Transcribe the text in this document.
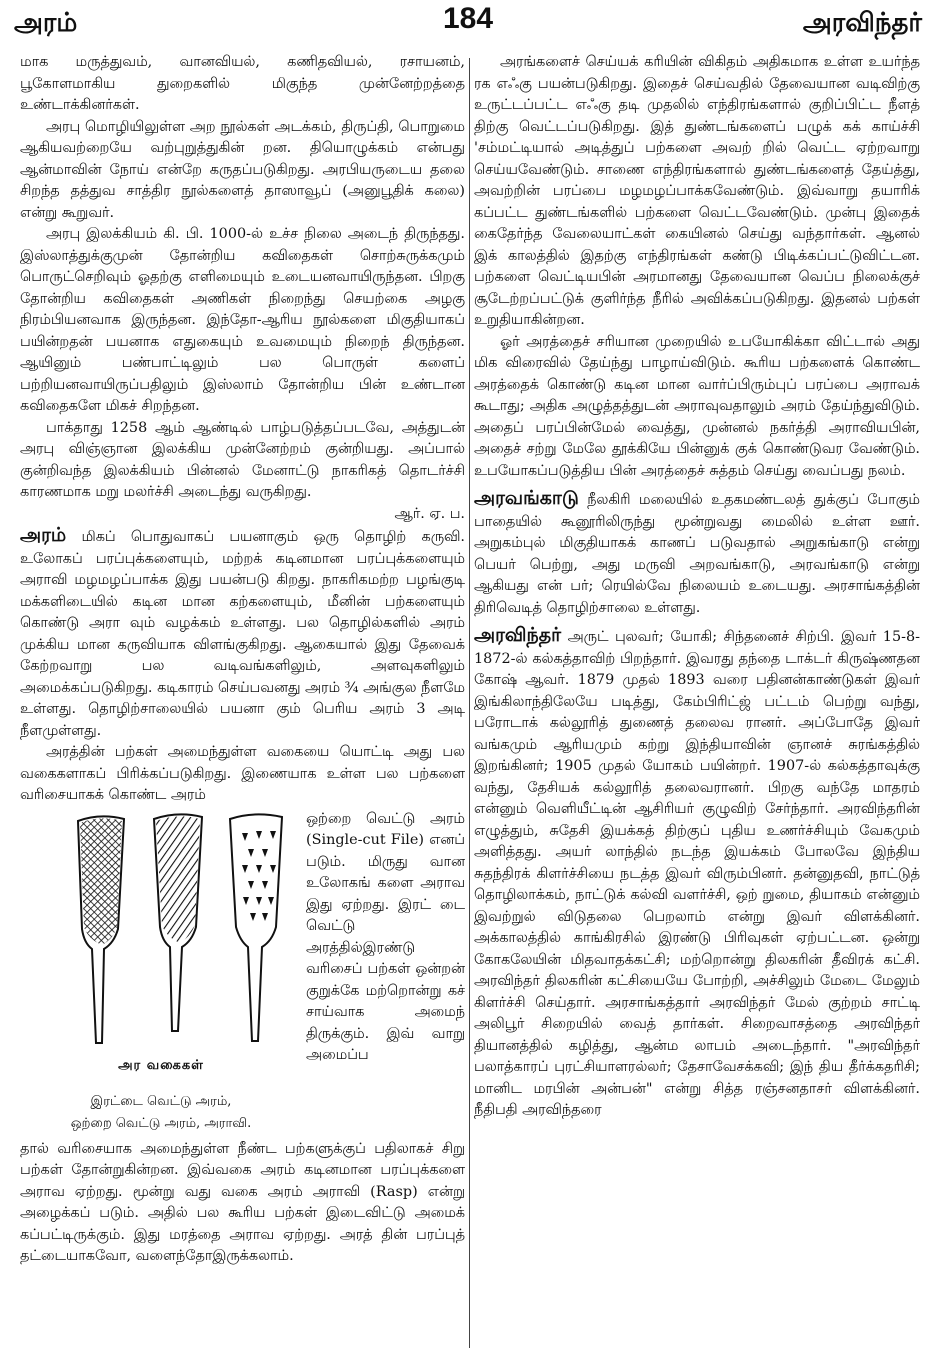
அரம்	184	அரவிந்தர்

மாக மருத்துவம், வானவியல், கணிதவியல், ரசாயனம், பூகோளமாகிய துறைகளில் மிகுந்த முன்னேற்றத்தை உண்டாக்கினர்கள்.

அரபு மொழியிலுள்ள அற நூல்கள் அடக்கம், திருப்தி, பொறுமை ஆகியவற்றையே வற்புறுத்துகின் றன. தியொழுக்கம் என்பது ஆன்மாவின் நோய் என்றே கருதப்படுகிறது. அரபியருடைய தலை சிறந்த தத்துவ சாத்திர நூல்களைத் தாஸாவூப் (அனுபூதிக் கலை) என்று கூறுவர்.

அரபு இலக்கியம் கி. பி. 1000-ல் உச்ச நிலை அடைந் திருந்தது. இஸ்லாத்துக்குமுன் தோன்றிய கவிதைகள் சொற்சுருக்கமும் பொருட்செறிவும் ஓதற்கு எளிமையும் உடையனவாயிருந்தன. பிறகு தோன்றிய கவிதைகள் அணிகள் நிறைந்து செயற்கை அழகு நிரம்பியனவாக இருந்தன. இந்தோ-ஆரிய நூல்களை மிகுதியாகப் பயின்றதன் பயனாக எதுகையும் உவமையும் நிறைந் திருந்தன. ஆயினும் பண்பாட்டிலும் பல பொருள் களைப் பற்றியனவாயிருப்பதிலும் இஸ்லாம் தோன்றிய பின் உண்டான கவிதைகளே மிகச் சிறந்தன.

பாக்தாது 1258 ஆம் ஆண்டில் பாழ்படுத்தப்படவே, அத்துடன் அரபு விஞ்ஞான இலக்கிய முன்னேற்றம் குன்றியது. அப்பால் குன்றிவந்த இலக்கியம் பின்னல் மேனாட்டு நாகரிகத் தொடர்ச்சி காரணமாக மறு மலர்ச்சி அடைந்து வருகிறது.

ஆர். ஏ. ப.

அரம் மிகப் பொதுவாகப் பயனாகும் ஒரு தொழிற் கருவி. உலோகப் பரப்புக்களையும், மற்றக் கடினமான பரப்புக்களையும் அராவி மழமழப்பாக்க இது பயன்படு கிறது. நாகரிகமற்ற பழங்குடி மக்களிடையில் கடின மான கற்களையும், மீனின் பற்களையும் கொண்டு அரா வும் வழக்கம் உள்ளது. பல தொழில்களில் அரம் முக்கிய மான கருவியாக விளங்குகிறது. ஆகையால் இது தேவைக் கேற்றவாறு பல வடிவங்களிலும், அளவுகளிலும் அமைக்கப்படுகிறது. கடிகாரம் செய்பவனது அரம் ¾ அங்குல நீளமே உள்ளது. தொழிற்சாலையில் பயனா கும் பெரிய அரம் 3 அடி நீளமுள்ளது.

அரத்தின் பற்கள் அமைந்துள்ள வகையை யொட்டி அது பல வகைகளாகப் பிரிக்கப்படுகிறது. இணையாக உள்ள பல பற்களை வரிசையாகக் கொண்ட அரம்

அர வகைகள்
இரட்டை வெட்டு அரம்,
ஒற்றை வெட்டு அரம், அராவி.
ஒற்றை வெட்டு அரம் (Single-cut File) எனப் படும். மிருது வான உலோகங் களை அராவ இது ஏற்றது. இரட் டை வெட்டு அரத்தில்இரண்டு வரிசைப் பற்கள் ஒன்றன் குறுக்கே மற்றொன்று கச் சாய்வாக அமைந் திருக்கும். இவ் வாறு அமைப்ப

தால் வரிசையாக அமைந்துள்ள நீண்ட பற்களுக்குப் பதிலாகச் சிறு பற்கள் தோன்றுகின்றன. இவ்வகை அரம் கடினமான பரப்புக்களை அராவ ஏற்றது. மூன்று வது வகை அரம் அராவி (Rasp) என்று அழைக்கப் படும். அதில் பல கூரிய பற்கள் இடைவிட்டு அமைக் கப்பட்டிருக்கும். இது மரத்தை அராவ ஏற்றது. அரத் தின் பரப்புத் தட்டையாகவோ, வளைந்தோஇருக்கலாம்.

அரங்களைச் செய்யக் கரியின் விகிதம் அதிகமாக உள்ள உயர்ந்த ரக எஃகு பயன்படுகிறது. இதைச் செய்வதில் தேவையான வடிவிற்கு உருட்டப்பட்ட எஃகு தடி முதலில் எந்திரங்களால் குறிப்பிட்ட நீளத் திற்கு வெட்டப்படுகிறது. இத் துண்டங்களைப் பழுக் கக் காய்ச்சி 'சம்மட்டியால் அடித்துப் பற்களை அவற் றில் வெட்ட ஏற்றவாறு செய்யவேண்டும். சாணை எந்திரங்களால் துண்டங்களைத் தேய்த்து, அவற்றின் பரப்பை மழமழப்பாக்கவேண்டும். இவ்வாறு தயாரிக் கப்பட்ட துண்டங்களில் பற்களை வெட்டவேண்டும். முன்பு இதைக் கைதேர்ந்த வேலையாட்கள் கையினல் செய்து வந்தார்கள். ஆனல் இக் காலத்தில் இதற்கு எந்திரங்கள் கண்டு பிடிக்கப்பட்டுவிட்டன. பற்களை வெட்டியபின் அரமானது தேவையான வெப்ப நிலைக்குச் சூடேற்றப்பட்டுக் குளிர்ந்த நீரில் அவிக்கப்படுகிறது. இதனல் பற்கள் உறுதியாகின்றன.

ஓர் அரத்தைச் சரியான முறையில் உபயோகிக்கா விட்டால் அது மிக விரைவில் தேய்ந்து பாழாய்விடும். கூரிய பற்களைக் கொண்ட அரத்தைக் கொண்டு கடின மான வார்ப்பிரும்புப் பரப்பை அராவக் கூடாது; அதிக அழுத்தத்துடன் அராவுவதாலும் அரம் தேய்ந்துவிடும். அதைப் பரப்பின்மேல் வைத்து, முன்னல் நகர்த்தி அராவியபின், அதைச் சற்று மேலே தூக்கியே பின்னுக் குக் கொண்டுவர வேண்டும். உபயோகப்படுத்திய பின் அரத்தைச் சுத்தம் செய்து வைப்பது நலம்.

அரவங்காடு நீலகிரி மலையில் உதகமண்டலத் துக்குப் போகும் பாதையில் கூனூரிலிருந்து மூன்றுவது மைலில் உள்ள ஊர். அறுகம்புல் மிகுதியாகக் காணப் படுவதால் அறுகங்காடு என்று பெயர் பெற்று, அது மருவி அறவங்காடு, அரவங்காடு என்று ஆகியது என் பர்; ரெயில்வே நிலையம் உடையது. அரசாங்கத்தின் திரிவெடித் தொழிற்சாலை உள்ளது.

அரவிந்தர் அருட் புலவர்; யோகி; சிந்தனைச் சிற்பி. இவர் 15-8-1872-ல் கல்கத்தாவிற் பிறந்தார். இவரது தந்தை டாக்டர் கிருஷ்ணதன கோஷ் ஆவர். 1879 முதல் 1893 வரை பதினன்காண்டுகள் இவர் இங்கிலாந்திலேயே படித்து, கேம்பிரிட்ஜ் பட்டம் பெற்று வந்து, பரோடாக் கல்லூரித் துணைத் தலைவ ரானர். அப்போதே இவர் வங்கமும் ஆரியமும் கற்று இந்தியாவின் ஞானச் சுரங்கத்தில் இறங்கினர்; 1905 முதல் யோகம் பயின்றர். 1907-ல் கல்கத்தாவுக்கு வந்து, தேசியக் கல்லூரித் தலைவரானர். பிறகு வந்தே மாதரம் என்னும் வெளியீட்டின் ஆசிரியர் குழுவிற் சேர்ந்தார். அரவிந்தரின் எழுத்தும், சுதேசி இயக்கத் திற்குப் புதிய உணர்ச்சியும் வேகமும் அளித்தது. அயர் லாந்தில் நடந்த இயக்கம் போலவே இந்திய சுதந்திரக் கிளர்ச்சியை நடத்த இவர் விரும்பினர். தன்னுதவி, நாட்டுத் தொழிலாக்கம், நாட்டுக் கல்வி வளர்ச்சி, ஒற் றுமை, தியாகம் என்னும் இவற்றுல் விடுதலை பெறலாம் என்று இவர் விளக்கினர். அக்காலத்தில் காங்கிரசில் இரண்டு பிரிவுகள் ஏற்பட்டன. ஒன்று கோகலேயின் மிதவாதக்கட்சி; மற்றொன்று திலகரின் தீவிரக் கட்சி. அரவிந்தர் திலகரின் கட்சியையே போற்றி, அச்சிலும் மேடை மேலும் கிளர்ச்சி செய்தார். அரசாங்கத்தார் அரவிந்தர் மேல் குற்றம் சாட்டி அலிபூர் சிறையில் வைத் தார்கள். சிறைவாசத்தை அரவிந்தர் தியானத்தில் கழித்து, ஆன்ம லாபம் அடைந்தார். "அரவிந்தர் பலாத்காரப் புரட்சியாளரல்லர்; தேசாவேசக்கவி; இந் திய தீர்க்கதரிசி; மானிட மரபின் அன்பன்" என்று சித்த ரஞ்சனதாசர் விளக்கினர். நீதிபதி அரவிந்தரை
